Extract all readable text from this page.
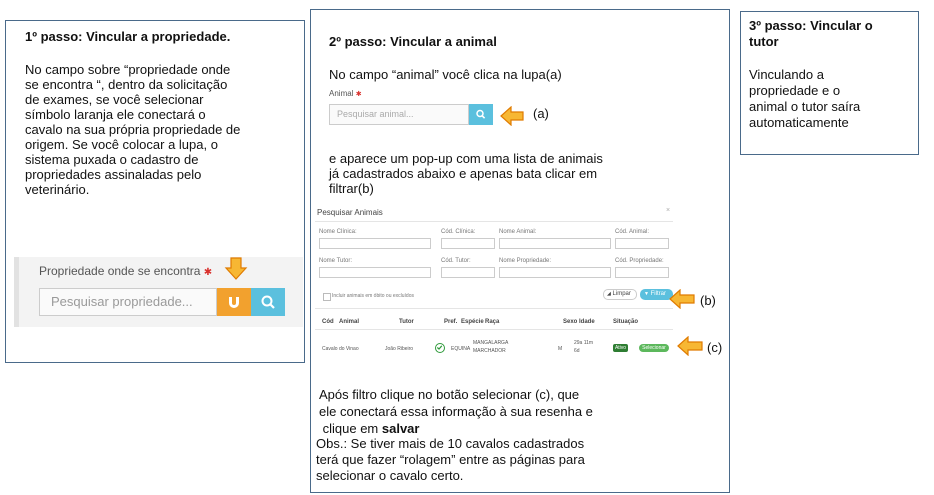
1º passo: Vincular a propriedade.
No campo sobre “propriedade onde
se encontra “, dentro da solicitação
de exames, se você selecionar
símbolo laranja ele conectará o
cavalo na sua própria propriedade de
origem. Se você colocar a lupa, o
sistema puxada o cadastro de
propriedades assinaladas pelo
veterinário.
Propriedade onde se encontra ✱
Pesquisar propriedade...
2º passo: Vincular a animal
No campo “animal” você clica na lupa(a)
Animal ✱
Pesquisar animal...	(a)
e aparece um pop-up com uma lista de animais
já cadastrados abaixo e apenas bata clicar em
filtrar(b)
Pesquisar Animais	×
Nome Clínica:	Cód. Clínica:	Nome Animal:	Cód. Animal:
Nome Tutor:	Cód. Tutor:	Nome Propriedade:	Cód. Propriedade:
Incluir animais em óbito ou excluídos	◢ Limpar	▼ Filtrar
Cód Animal	Tutor	Pref. Espécie Raça	Sexo Idade	Situação
Cavalo do Vinao	João Ribeiro	EQUINA
MANGALARGA
MARCHADOR	M
29a 11m
6d	Ativo	Selecionar
(b)
(c)
Após filtro clique no botão selecionar (c), que
ele conectará essa informação à sua resenha e
clique em salvar
Obs.: Se tiver mais de 10 cavalos cadastrados
terá que fazer “rolagem” entre as páginas para
selecionar o cavalo certo.
3º passo: Vincular o
tutor
Vinculando a
propriedade e o
animal o tutor saíra
automaticamente
